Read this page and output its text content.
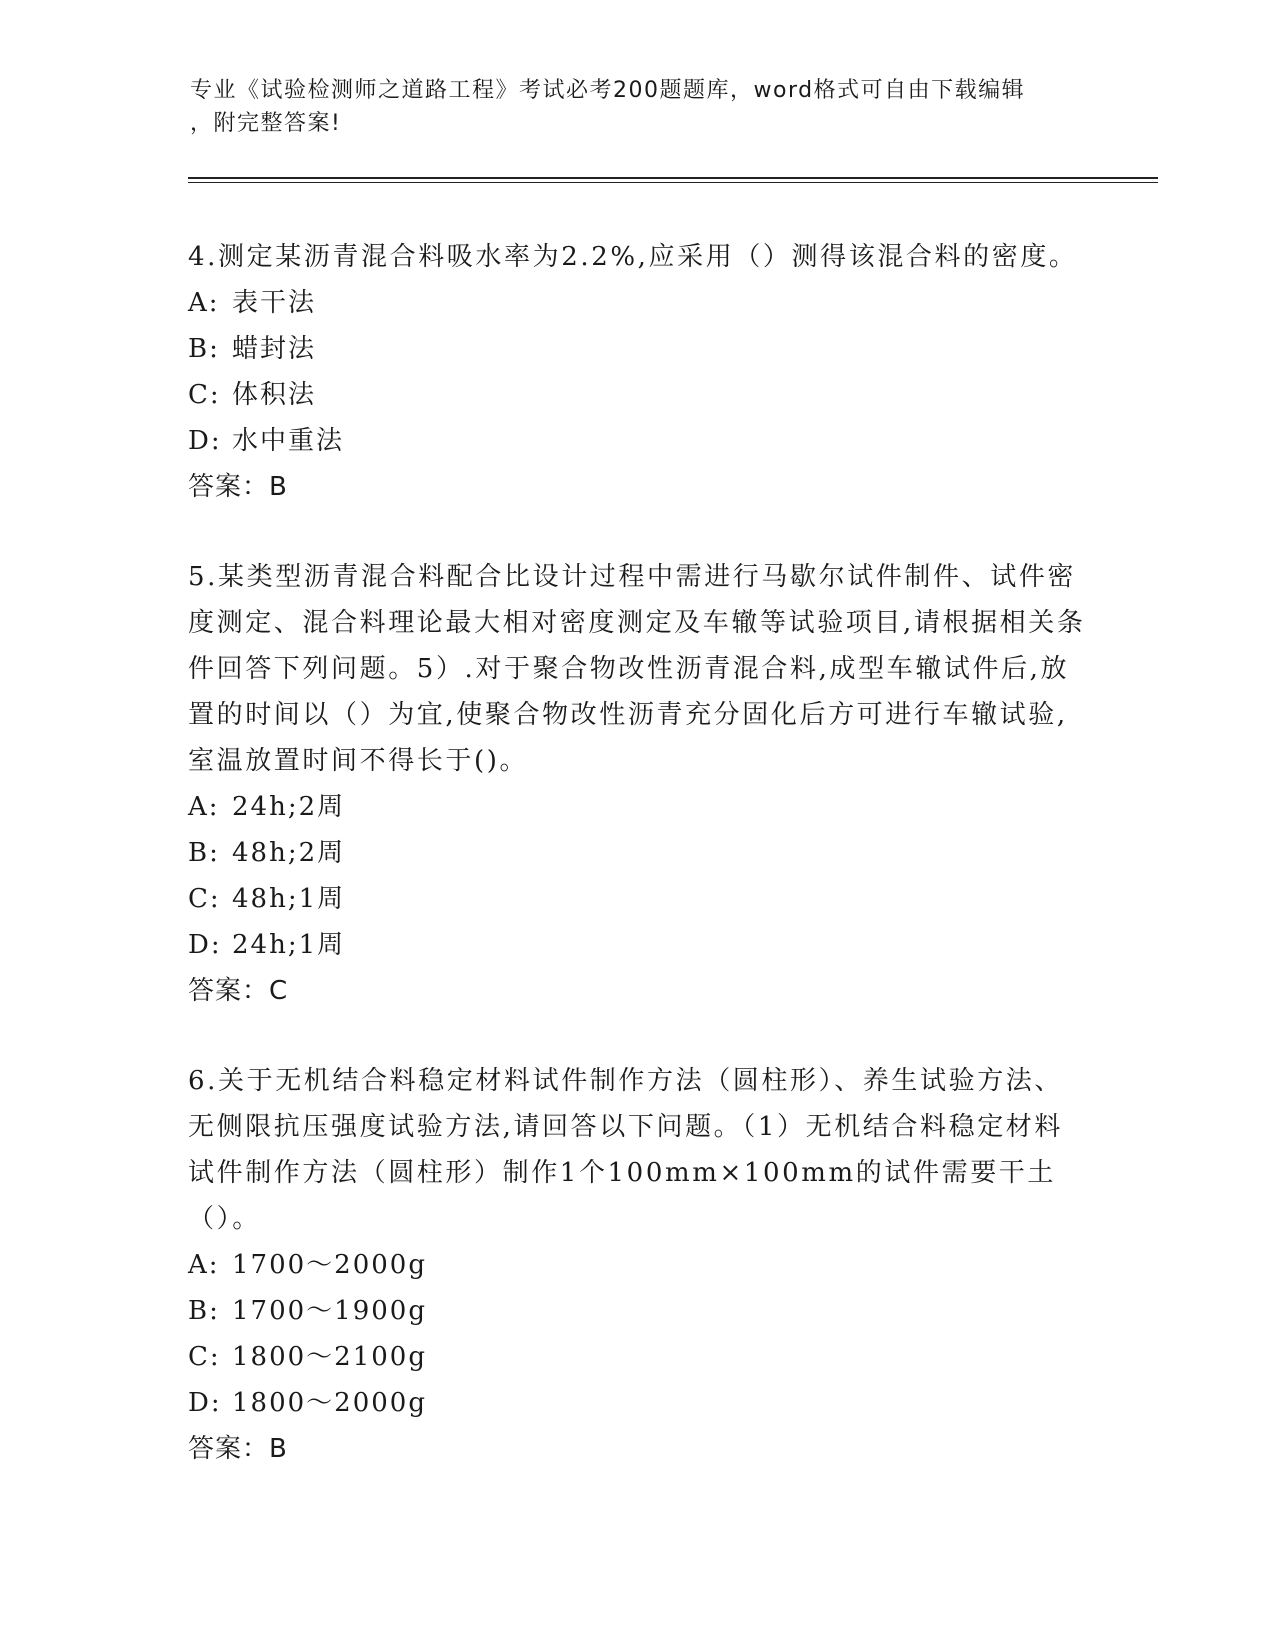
专业《试验检测师之道路工程》考试必考200题题库，word格式可自由下载编辑
，附完整答案!

4.测定某沥青混合料吸水率为2.2%,应采用（）测得该混合料的密度。

A: 表干法

B: 蜡封法

C: 体积法

D: 水中重法

答案：B

5.某类型沥青混合料配合比设计过程中需进行马歇尔试件制件、试件密度测定、混合料理论最大相对密度测定及车辙等试验项目,请根据相关条件回答下列问题。5）.对于聚合物改性沥青混合料,成型车辙试件后,放置的时间以（）为宜,使聚合物改性沥青充分固化后方可进行车辙试验,室温放置时间不得长于()。

A: 24h;2周

B: 48h;2周

C: 48h;1周

D: 24h;1周

答案：C

6.关于无机结合料稳定材料试件制作方法（圆柱形）、养生试验方法、无侧限抗压强度试验方法,请回答以下问题。（1）无机结合料稳定材料试件制作方法（圆柱形）制作1个100mm×100mm的试件需要干土（）。

A: 1700～2000g

B: 1700～1900g

C: 1800～2100g

D: 1800～2000g

答案：B
